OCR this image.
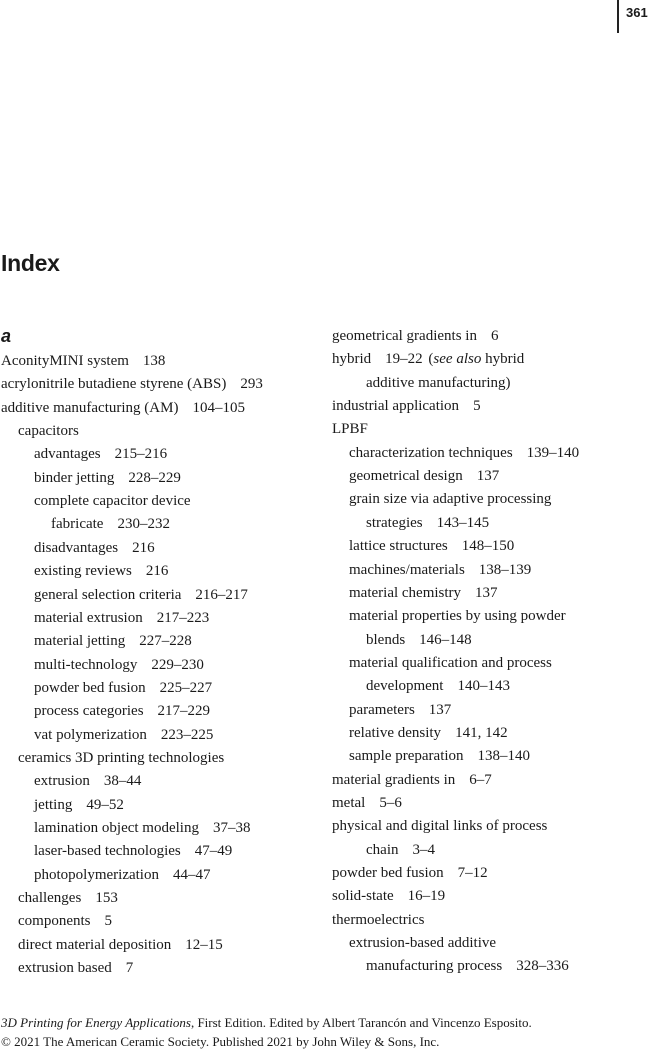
361
Index
a
AconityMINI system 138
acrylonitrile butadiene styrene (ABS) 293
additive manufacturing (AM) 104–105
capacitors
advantages 215–216
binder jetting 228–229
complete capacitor device
fabricate 230–232
disadvantages 216
existing reviews 216
general selection criteria 216–217
material extrusion 217–223
material jetting 227–228
multi-technology 229–230
powder bed fusion 225–227
process categories 217–229
vat polymerization 223–225
ceramics 3D printing technologies
extrusion 38–44
jetting 49–52
lamination object modeling 37–38
laser-based technologies 47–49
photopolymerization 44–47
challenges 153
components 5
direct material deposition 12–15
extrusion based 7
geometrical gradients in 6
hybrid 19–22 (see also hybrid
additive manufacturing)
industrial application 5
LPBF
characterization techniques 139–140
geometrical design 137
grain size via adaptive processing
strategies 143–145
lattice structures 148–150
machines/materials 138–139
material chemistry 137
material properties by using powder
blends 146–148
material qualification and process
development 140–143
parameters 137
relative density 141, 142
sample preparation 138–140
material gradients in 6–7
metal 5–6
physical and digital links of process
chain 3–4
powder bed fusion 7–12
solid-state 16–19
thermoelectrics
extrusion-based additive
manufacturing process 328–336
3D Printing for Energy Applications, First Edition. Edited by Albert Tarancón and Vincenzo Esposito.
© 2021 The American Ceramic Society. Published 2021 by John Wiley & Sons, Inc.
